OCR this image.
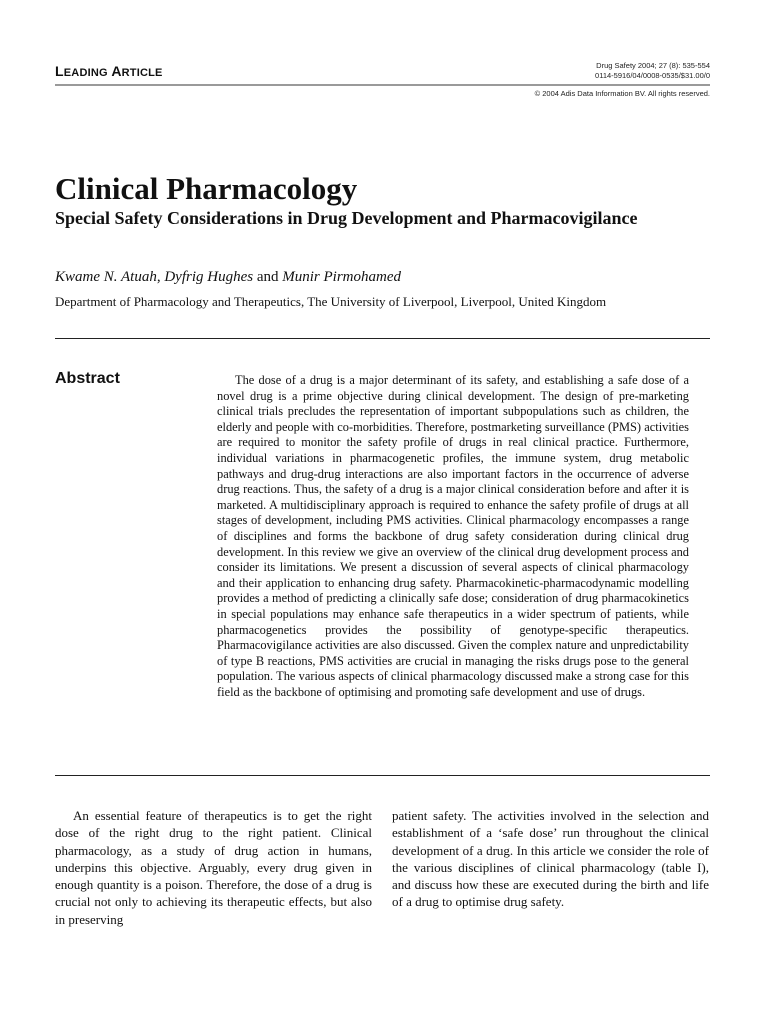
LEADING ARTICLE
Drug Safety 2004; 27 (8): 535-554
0114-5916/04/0008-0535/$31.00/0
© 2004 Adis Data Information BV. All rights reserved.
Clinical Pharmacology
Special Safety Considerations in Drug Development and Pharmacovigilance
Kwame N. Atuah, Dyfrig Hughes and Munir Pirmohamed
Department of Pharmacology and Therapeutics, The University of Liverpool, Liverpool, United Kingdom
Abstract	The dose of a drug is a major determinant of its safety, and establishing a safe dose of a novel drug is a prime objective during clinical development. The design of pre-marketing clinical trials precludes the representation of important subpopulations such as children, the elderly and people with co-morbidities. Therefore, postmarketing surveillance (PMS) activities are required to monitor the safety profile of drugs in real clinical practice. Furthermore, individual variations in pharmacogenetic profiles, the immune system, drug metabolic pathways and drug-drug interactions are also important factors in the occurrence of adverse drug reactions. Thus, the safety of a drug is a major clinical consideration before and after it is marketed. A multidisciplinary approach is required to enhance the safety profile of drugs at all stages of development, including PMS activities. Clinical pharmacology encompasses a range of disciplines and forms the backbone of drug safety consideration during clinical drug development. In this review we give an overview of the clinical drug development process and consider its limitations. We present a discussion of several aspects of clinical pharmacology and their application to enhancing drug safety. Pharmacokinetic-pharmacodynamic modelling provides a method of predicting a clinically safe dose; consideration of drug pharmacokinetics in special populations may enhance safe therapeutics in a wider spectrum of patients, while pharmacogenetics provides the possibility of genotype-specific therapeutics. Pharmacovigilance activities are also discussed. Given the complex nature and unpredictability of type B reactions, PMS activities are crucial in managing the risks drugs pose to the general population. The various aspects of clinical pharmacology discussed make a strong case for this field as the backbone of optimising and promoting safe development and use of drugs.
An essential feature of therapeutics is to get the right dose of the right drug to the right patient. Clinical pharmacology, as a study of drug action in humans, underpins this objective. Arguably, every drug given in enough quantity is a poison. Therefore, the dose of a drug is crucial not only to achieving its therapeutic effects, but also in preserving
patient safety. The activities involved in the selection and establishment of a ‘safe dose’ run throughout the clinical development of a drug. In this article we consider the role of the various disciplines of clinical pharmacology (table I), and discuss how these are executed during the birth and life of a drug to optimise drug safety.
